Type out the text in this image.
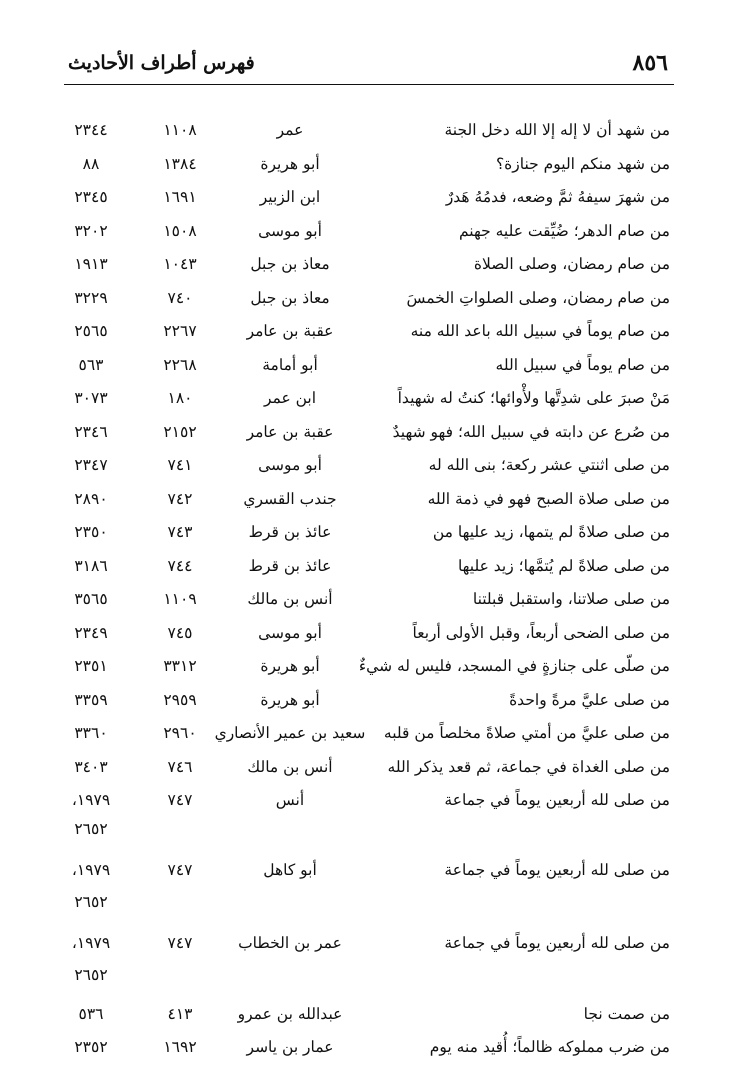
٨٥٦
فهرس أطراف الأحاديث
من شهد أن لا إله إلا الله دخل الجنة
عمر
١١٠٨
٢٣٤٤
من شهد منكم اليوم جنازة؟
أبو هريرة
١٣٨٤
٨٨
من شهرَ سيفهُ ثمَّ وضعه، فدمُهُ هَدرٌ
ابن الزبير
١٦٩١
٢٣٤٥
من صام الدهر؛ ضُيِّقت عليه جهنم
أبو موسى
١٥٠٨
٣٢٠٢
من صام رمضان، وصلى الصلاة
معاذ بن جبل
١٠٤٣
١٩١٣
من صام رمضان، وصلى الصلواتِ الخمسَ
معاذ بن جبل
٧٤٠
٣٢٢٩
من صام يوماً في سبيل الله باعد الله منه
عقبة بن عامر
٢٢٦٧
٢٥٦٥
من صام يوماً في سبيل الله
أبو أمامة
٢٢٦٨
٥٦٣
مَنْ صبرَ على شدِتَّها ولأْوائها؛ كنتُ له شهيداً
ابن عمر
١٨٠
٣٠٧٣
من صُرع عن دابته في سبيل الله؛ فهو شهيدٌ
عقبة بن عامر
٢١٥٢
٢٣٤٦
من صلى اثنتي عشر ركعة؛ بنى الله له
أبو موسى
٧٤١
٢٣٤٧
من صلى صلاة الصبح فهو في ذمة الله
جندب القسري
٧٤٢
٢٨٩٠
من صلى صلاةً لم يتمها، زيد عليها من
عائذ بن قرط
٧٤٣
٢٣٥٠
من صلى صلاةً لم يُتمَّها؛ زيد عليها
عائذ بن قرط
٧٤٤
٣١٨٦
من صلى صلاتنا، واستقبل قبلتنا
أنس بن مالك
١١٠٩
٣٥٦٥
من صلى الضحى أربعاً، وقبل الأولى أربعاً
أبو موسى
٧٤٥
٢٣٤٩
من صلّى على جنازةٍ في المسجد، فليس له شيءٌ
أبو هريرة
٣٣١٢
٢٣٥١
من صلى عليَّ مرةً واحدةً
أبو هريرة
٢٩٥٩
٣٣٥٩
من صلى عليَّ من أمتي صلاةً مخلصاً من قلبه
سعيد بن عمير الأنصاري
٢٩٦٠
٣٣٦٠
من صلى الغداة في جماعة، ثم قعد يذكر الله
أنس بن مالك
٧٤٦
٣٤٠٣
من صلى لله أربعين يوماً في جماعة
أنس
٧٤٧
١٩٧٩،
٢٦٥٢
من صلى لله أربعين يوماً في جماعة
أبو كاهل
٧٤٧
١٩٧٩،
٢٦٥٢
من صلى لله أربعين يوماً في جماعة
عمر بن الخطاب
٧٤٧
١٩٧٩،
٢٦٥٢
من صمت نجا
عبدالله بن عمرو
٤١٣
٥٣٦
من ضرب مملوكه ظالماً؛ أُقيد منه يوم
عمار بن ياسر
١٦٩٢
٢٣٥٢
